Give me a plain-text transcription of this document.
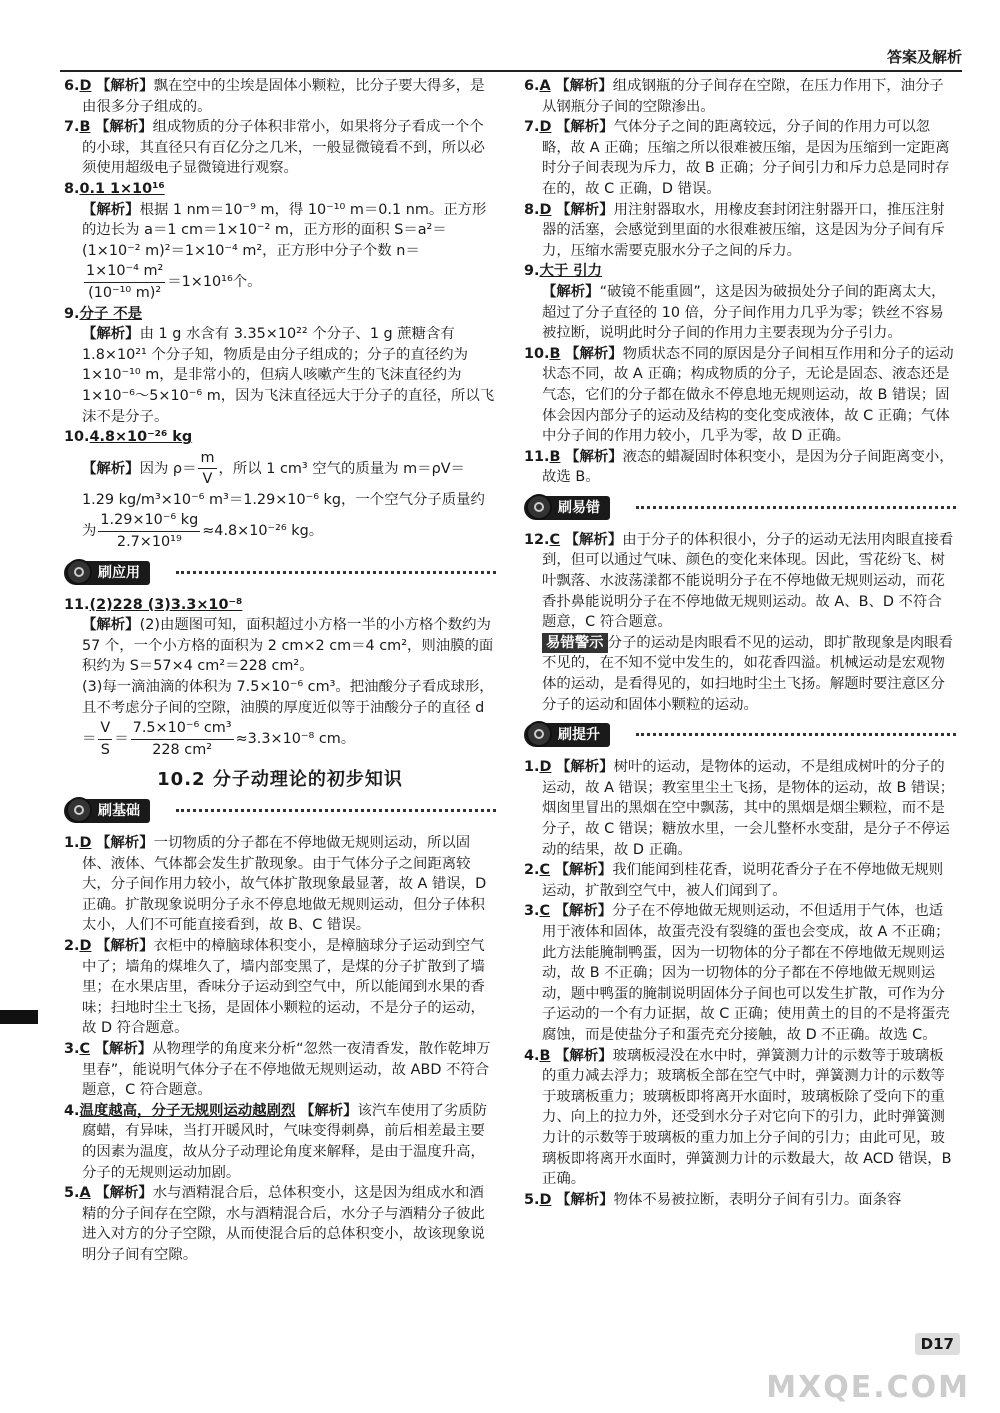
答案及解析
6.D 【解析】飘在空中的尘埃是固体小颗粒，比分子要大得多，是由很多分子组成的。
7.B 【解析】组成物质的分子体积非常小，如果将分子看成一个个的小球，其直径只有百亿分之几米，一般显微镜看不到，所以必须使用超级电子显微镜进行观察。
8.0.1 1×10¹⁶
【解析】根据 1 nm＝10⁻⁹ m，得 10⁻¹⁰ m＝0.1 nm。正方形的边长为 a＝1 cm＝1×10⁻² m，正方形的面积 S＝a²＝(1×10⁻² m)²＝1×10⁻⁴ m²，正方形中分子个数 n＝
$\frac{\text{1×10⁻⁴ m²}}{\text{(10⁻¹⁰ m)²}} =1\times 10^{16}$个。
9.分子 不是
【解析】由 1 g 水含有 3.35×10²² 个分子、1 g 蔗糖含有 1.8×10²¹ 个分子知，物质是由分子组成的；分子的直径约为 1×10⁻¹⁰ m，是非常小的，但病人咳嗽产生的飞沫直径约为 1×10⁻⁶～5×10⁻⁶ m，因为飞沫直径远大于分子的直径，所以飞沫不是分子。
10.4.8×10⁻²⁶ kg
【解析】因为 $\rho= \frac{m}{V}$ ，所以 1 cm³ 空气的质量为 m＝ρV＝1.29 kg/m³×10⁻⁶ m³＝1.29×10⁻⁶ kg，一个空气分子质量约为 $\frac{\text{1.29×10⁻⁶ kg}}{\text{2.7×10¹⁹}} \approx 4.8\times 10^{-26}$ kg。
刷应用
11.(2)228 (3)3.3×10⁻⁸
【解析】(2)由题图可知，面积超过小方格一半的小方格个数约为 57 个，一个小方格的面积为 2 cm×2 cm＝4 cm²，则油膜的面积约为 S＝57×4 cm²＝228 cm²。
(3)每一滴油滴的体积为 7.5×10⁻⁶ cm³。把油酸分子看成球形，且不考虑分子间的空隙，油膜的厚度近似等于油酸分子的直径 $d= \frac{V}{S} = \frac{\text{7.5×10⁻⁶ cm³}}{\text{228 cm²}} \approx 3.3\times 10^{-8}$ cm。
10.2 分子动理论的初步知识
刷基础
1.D 【解析】一切物质的分子都在不停地做无规则运动，所以固体、液体、气体都会发生扩散现象。由于气体分子之间距离较大，分子间作用力较小，故气体扩散现象最显著，故 A 错误，D 正确。扩散现象说明分子永不停息地做无规则运动，但分子体积太小，人们不可能直接看到，故 B、C 错误。
2.D 【解析】衣柜中的樟脑球体积变小，是樟脑球分子运动到空气中了；墙角的煤堆久了，墙内部变黑了，是煤的分子扩散到了墙里；在水果店里，香味分子运动到空气中，所以能闻到水果的香味；扫地时尘土飞扬，是固体小颗粒的运动，不是分子的运动，故 D 符合题意。
3.C 【解析】从物理学的角度来分析“忽然一夜清香发，散作乾坤万里春”，能说明气体分子在不停地做无规则运动，故 ABD 不符合题意，C 符合题意。
4.温度越高，分子无规则运动越剧烈 【解析】该汽车使用了劣质防腐蜡，有异味，当打开暖风时，气味变得刺鼻，前后相差最主要的因素为温度，故从分子动理论角度来解释，是由于温度升高，分子的无规则运动加剧。
5.A 【解析】水与酒精混合后，总体积变小，这是因为组成水和酒精的分子间存在空隙，水与酒精混合后，水分子与酒精分子彼此进入对方的分子空隙，从而使混合后的总体积变小，故该现象说明分子间有空隙。
6.A 【解析】组成钢瓶的分子间存在空隙，在压力作用下，油分子从钢瓶分子间的空隙渗出。
7.D 【解析】气体分子之间的距离较远，分子间的作用力可以忽略，故 A 正确；压缩之所以很难被压缩，是因为压缩到一定距离时分子间表现为斥力，故 B 正确；分子间引力和斥力总是同时存在的，故 C 正确，D 错误。
8.D 【解析】用注射器取水，用橡皮套封闭注射器开口，推压注射器的活塞，会感觉到里面的水很难被压缩，这是因为分子间有斥力，压缩水需要克服水分子之间的斥力。
9.大于 引力
【解析】“破镜不能重圆”，这是因为破损处分子间的距离太大，超过了分子直径的 10 倍，分子间作用力几乎为零；铁丝不容易被拉断，说明此时分子间的作用力主要表现为分子引力。
10.B 【解析】物质状态不同的原因是分子间相互作用和分子的运动状态不同，故 A 正确；构成物质的分子，无论是固态、液态还是气态，它们的分子都在做永不停息地无规则运动，故 B 错误；固体会因内部分子的运动及结构的变化变成液体，故 C 正确；气体中分子间的作用力较小，几乎为零，故 D 正确。
11.B 【解析】液态的蜡凝固时体积变小，是因为分子间距离变小，故选 B。
刷易错
12.C 【解析】由于分子的体积很小，分子的运动无法用肉眼直接看到，但可以通过气味、颜色的变化来体现。因此，雪花纷飞、树叶飘落、水波荡漾都不能说明分子在不停地做无规则运动，而花香扑鼻能说明分子在不停地做无规则运动。故 A、B、D 不符合题意，C 符合题意。
易错警示 分子的运动是肉眼看不见的运动，即扩散现象是肉眼看不见的，在不知不觉中发生的，如花香四溢。机械运动是宏观物体的运动，是看得见的，如扫地时尘土飞扬。解题时要注意区分分子的运动和固体小颗粒的运动。
刷提升
1.D 【解析】树叶的运动，是物体的运动，不是组成树叶的分子的运动，故 A 错误；教室里尘土飞扬，是物体的运动，故 B 错误；烟囱里冒出的黑烟在空中飘荡，其中的黑烟是烟尘颗粒，而不是分子，故 C 错误；糖放水里，一会儿整杯水变甜，是分子不停运动的结果，故 D 正确。
2.C 【解析】我们能闻到桂花香，说明花香分子在不停地做无规则运动，扩散到空气中，被人们闻到了。
3.C 【解析】分子在不停地做无规则运动，不但适用于气体，也适用于液体和固体，故蛋壳没有裂缝的蛋也会变成，故 A 不正确；此方法能腌制鸭蛋，因为一切物体的分子都在不停地做无规则运动，故 B 不正确；因为一切物体的分子都在不停地做无规则运动，题中鸭蛋的腌制说明固体分子间也可以发生扩散，可作为分子运动的一个有力证据，故 C 正确；使用黄土的目的不是将蛋壳腐蚀，而是使盐分子和蛋壳充分接触，故 D 不正确。故选 C。
4.B 【解析】玻璃板浸没在水中时，弹簧测力计的示数等于玻璃板的重力减去浮力；玻璃板全部在空气中时，弹簧测力计的示数等于玻璃板重力；玻璃板即将离开水面时，玻璃板除了受向下的重力、向上的拉力外，还受到水分子对它向下的引力，此时弹簧测力计的示数等于玻璃板的重力加上分子间的引力；由此可见，玻璃板即将离开水面时，弹簧测力计的示数最大，故 ACD 错误，B 正确。
5.D 【解析】物体不易被拉断，表明分子间有引力。面条容
D17
MXQE.COM
